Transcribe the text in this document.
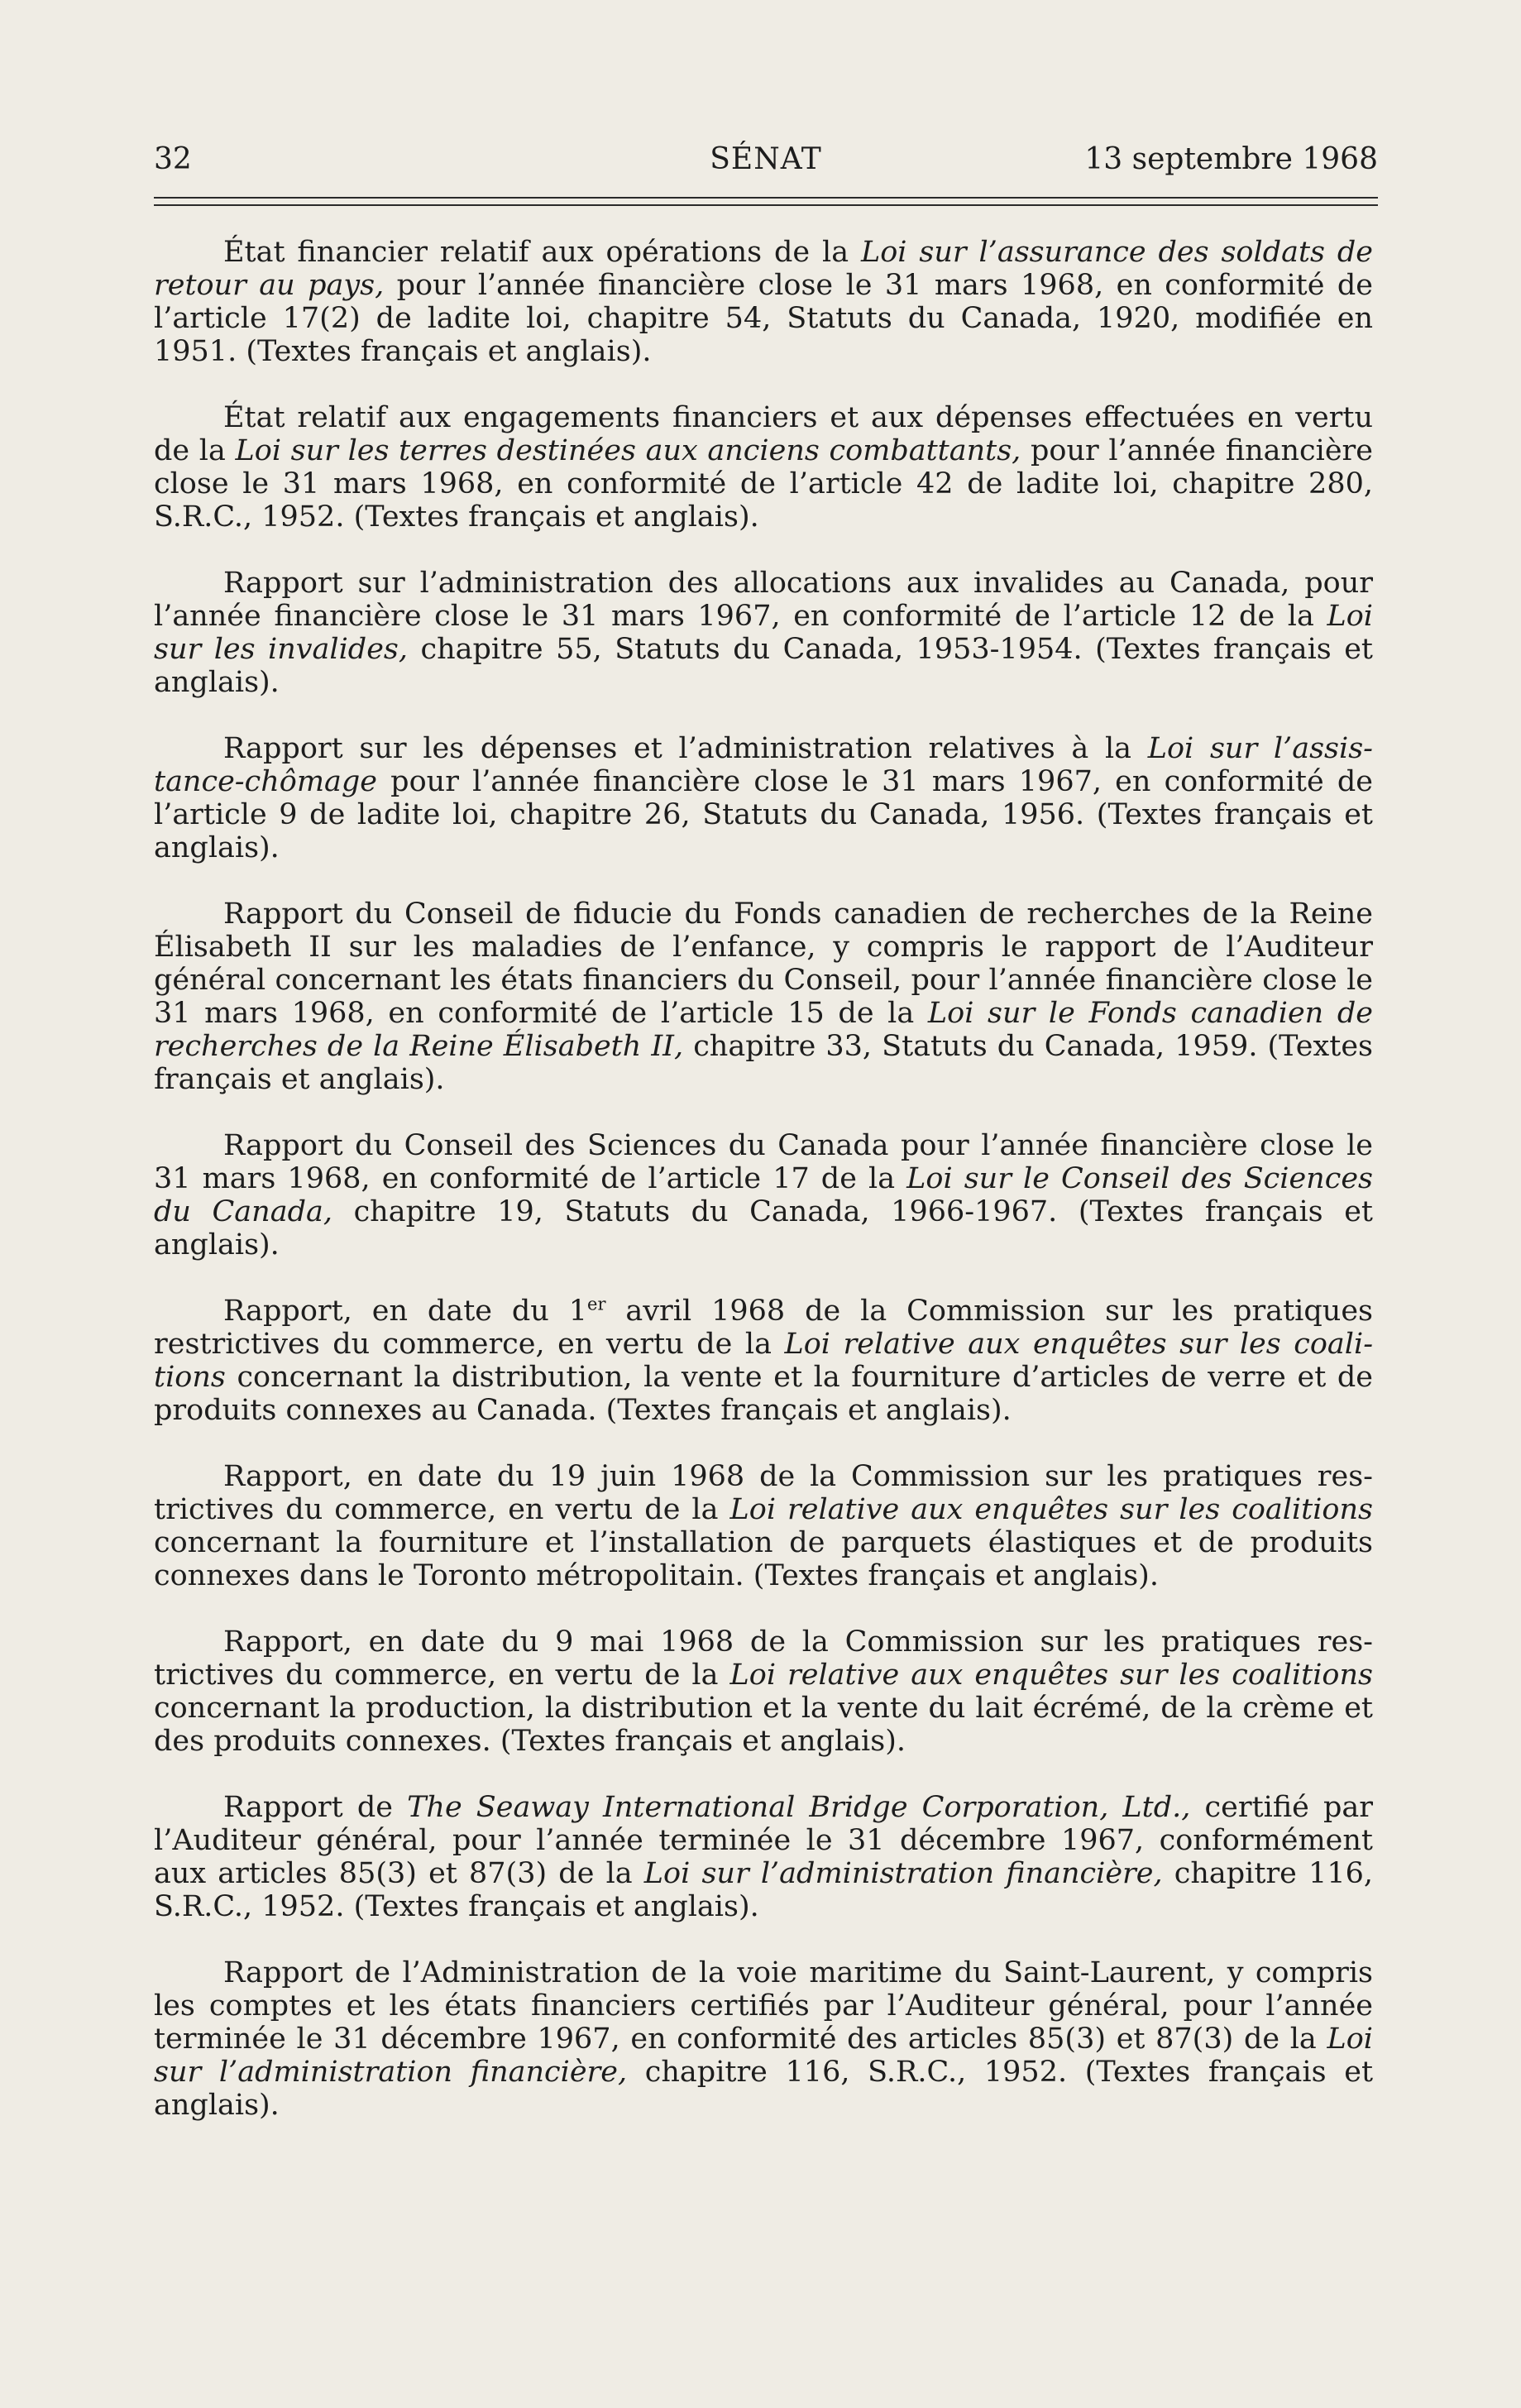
32	SÉNAT	13 septembre 1968

État financier relatif aux opérations de la Loi sur l’assurance des soldats de retour au pays, pour l’année financière close le 31 mars 1968, en conformité de l’article 17(2) de ladite loi, chapitre 54, Statuts du Canada, 1920, modifiée en 1951. (Textes français et anglais).

État relatif aux engagements financiers et aux dépenses effectuées en vertu de la Loi sur les terres destinées aux anciens combattants, pour l’année financière close le 31 mars 1968, en conformité de l’article 42 de ladite loi, chapitre 280, S.R.C., 1952. (Textes français et anglais).

Rapport sur l’administration des allocations aux invalides au Canada, pour l’année financière close le 31 mars 1967, en conformité de l’article 12 de la Loi sur les invalides, chapitre 55, Statuts du Canada, 1953-1954. (Textes français et anglais).

Rapport sur les dépenses et l’administration relatives à la Loi sur l’assistance-chômage pour l’année financière close le 31 mars 1967, en conformité de l’article 9 de ladite loi, chapitre 26, Statuts du Canada, 1956. (Textes français et anglais).

Rapport du Conseil de fiducie du Fonds canadien de recherches de la Reine Élisabeth II sur les maladies de l’enfance, y compris le rapport de l’Auditeur général concernant les états financiers du Conseil, pour l’année financière close le 31 mars 1968, en conformité de l’article 15 de la Loi sur le Fonds canadien de recherches de la Reine Élisabeth II, chapitre 33, Statuts du Canada, 1959. (Textes français et anglais).

Rapport du Conseil des Sciences du Canada pour l’année financière close le 31 mars 1968, en conformité de l’article 17 de la Loi sur le Conseil des Sciences du Canada, chapitre 19, Statuts du Canada, 1966-1967. (Textes français et anglais).

Rapport, en date du 1er avril 1968 de la Commission sur les pratiques restrictives du commerce, en vertu de la Loi relative aux enquêtes sur les coalitions concernant la distribution, la vente et la fourniture d’articles de verre et de produits connexes au Canada. (Textes français et anglais).

Rapport, en date du 19 juin 1968 de la Commission sur les pratiques restrictives du commerce, en vertu de la Loi relative aux enquêtes sur les coalitions concernant la fourniture et l’installation de parquets élastiques et de produits connexes dans le Toronto métropolitain. (Textes français et anglais).

Rapport, en date du 9 mai 1968 de la Commission sur les pratiques restrictives du commerce, en vertu de la Loi relative aux enquêtes sur les coalitions concernant la production, la distribution et la vente du lait écrémé, de la crème et des produits connexes. (Textes français et anglais).

Rapport de The Seaway International Bridge Corporation, Ltd., certifié par l’Auditeur général, pour l’année terminée le 31 décembre 1967, conformément aux articles 85(3) et 87(3) de la Loi sur l’administration financière, chapitre 116, S.R.C., 1952. (Textes français et anglais).

Rapport de l’Administration de la voie maritime du Saint-Laurent, y compris les comptes et les états financiers certifiés par l’Auditeur général, pour l’année terminée le 31 décembre 1967, en conformité des articles 85(3) et 87(3) de la Loi sur l’administration financière, chapitre 116, S.R.C., 1952. (Textes français et anglais).
